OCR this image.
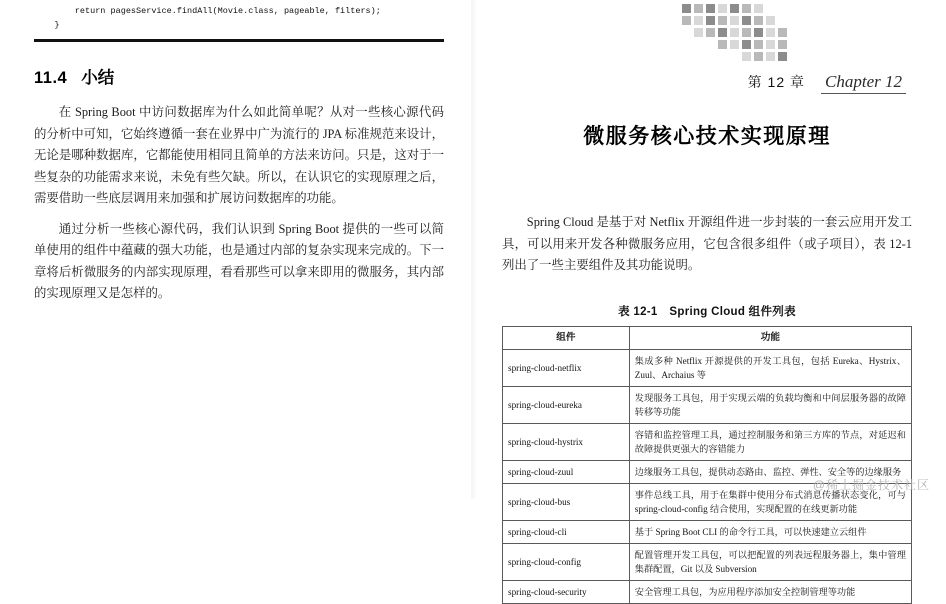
return pagesService.findAll(Movie.class, pageable, filters);
}
11.4 小结

在 Spring Boot 中访问数据库为什么如此简单呢？从对一些核心源代码的分析中可知，它始终遵循一套在业界中广为流行的 JPA 标准规范来设计，无论是哪种数据库，它都能使用相同且简单的方法来访问。只是，这对于一些复杂的功能需求来说，未免有些欠缺。所以，在认识它的实现原理之后，需要借助一些底层调用来加强和扩展访问数据库的功能。

通过分析一些核心源代码，我们认识到 Spring Boot 提供的一些可以简单使用的组件中蕴藏的强大功能，也是通过内部的复杂实现来完成的。下一章将后析微服务的内部实现原理，看看那些可以拿来即用的微服务，其内部的实现原理又是怎样的。

第 12 章 Chapter 12
微服务核心技术实现原理

Spring Cloud 是基于对 Netflix 开源组件进一步封装的一套云应用开发工具，可以用来开发各种微服务应用，它包含很多组件（或子项目），表 12-1 列出了一些主要组件及其功能说明。

表 12-1　Spring Cloud 组件列表
组件	功能
spring-cloud-netflix	集成多种 Netflix 开源提供的开发工具包，包括 Eureka、Hystrix、Zuul、Archaius 等
spring-cloud-eureka	发现服务工具包，用于实现云端的负载均衡和中间层服务器的故障转移等功能
spring-cloud-hystrix	容错和监控管理工具，通过控制服务和第三方库的节点，对延迟和故障提供更强大的容错能力
spring-cloud-zuul	边缘服务工具包，提供动态路由、监控、弹性、安全等的边缘服务
spring-cloud-bus	事件总线工具，用于在集群中使用分布式消息传播状态变化，可与 spring-cloud-config 结合使用，实现配置的在线更新功能
spring-cloud-cli	基于 Spring Boot CLI 的命令行工具，可以快速建立云组件
spring-cloud-config	配置管理开发工具包，可以把配置的列表远程服务器上，集中管理集群配置，Git 以及 Subversion
spring-cloud-security	安全管理工具包，为应用程序添加安全控制管理等功能
@稀土掘金技术社区
